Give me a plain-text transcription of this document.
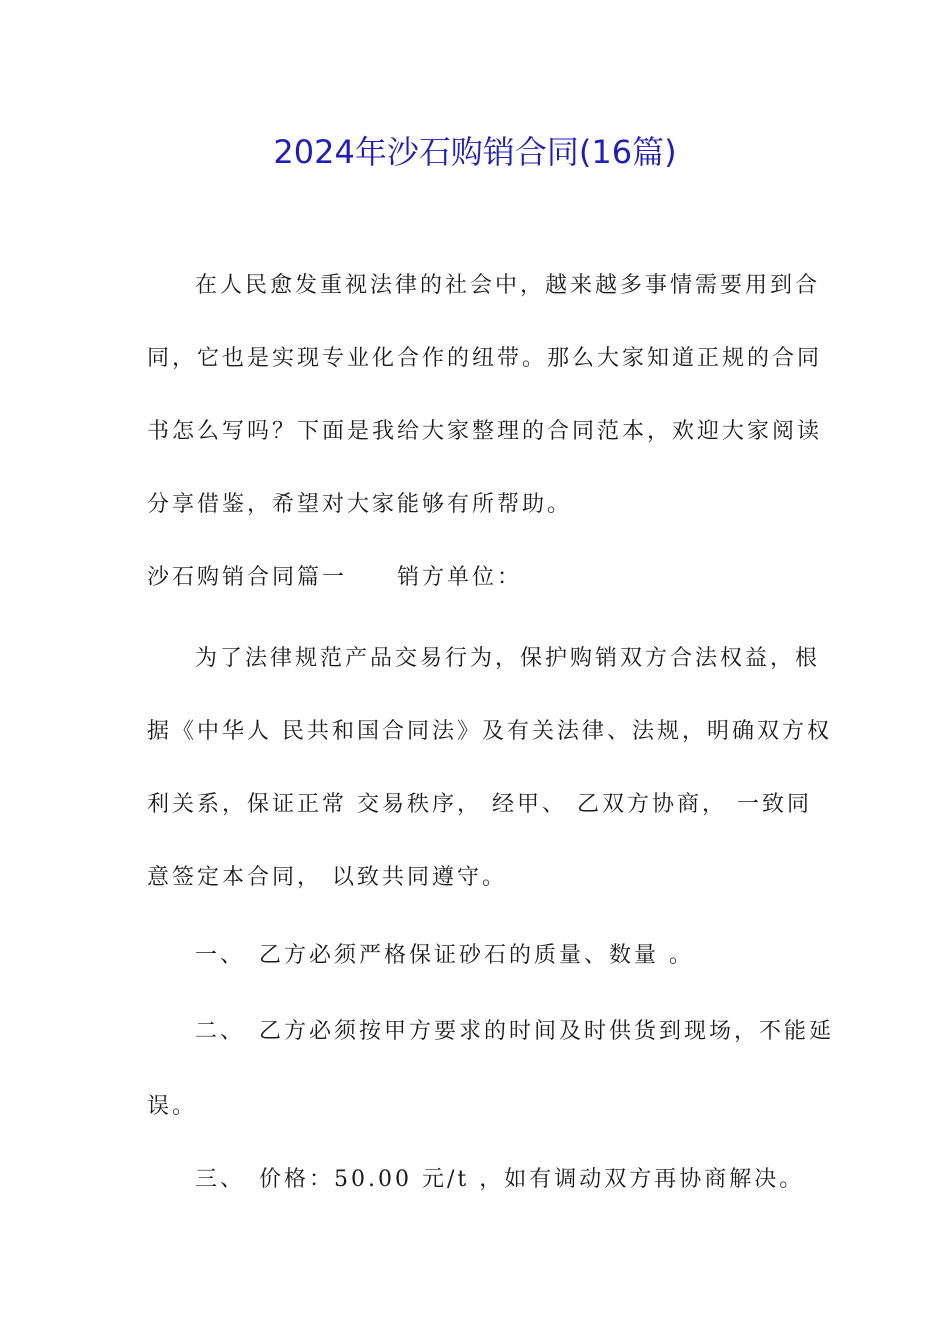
2024年沙石购销合同(16篇)
在人民愈发重视法律的社会中，越来越多事情需要用到合
同，它也是实现专业化合作的纽带。那么大家知道正规的合同
书怎么写吗？下面是我给大家整理的合同范本，欢迎大家阅读
分享借鉴，希望对大家能够有所帮助。
沙石购销合同篇一　　销方单位：
为了法律规范产品交易行为，保护购销双方合法权益，根
据《中华人 民共和国合同法》及有关法律、法规，明确双方权
利关系，保证正常 交易秩序， 经甲、 乙双方协商， 一致同
意签定本合同， 以致共同遵守。
一、　乙方必须严格保证砂石的质量、数量 。
二、　乙方必须按甲方要求的时间及时供货到现场，不能延
误。
三、　价格：50.00 元/t ，如有调动双方再协商解决。
